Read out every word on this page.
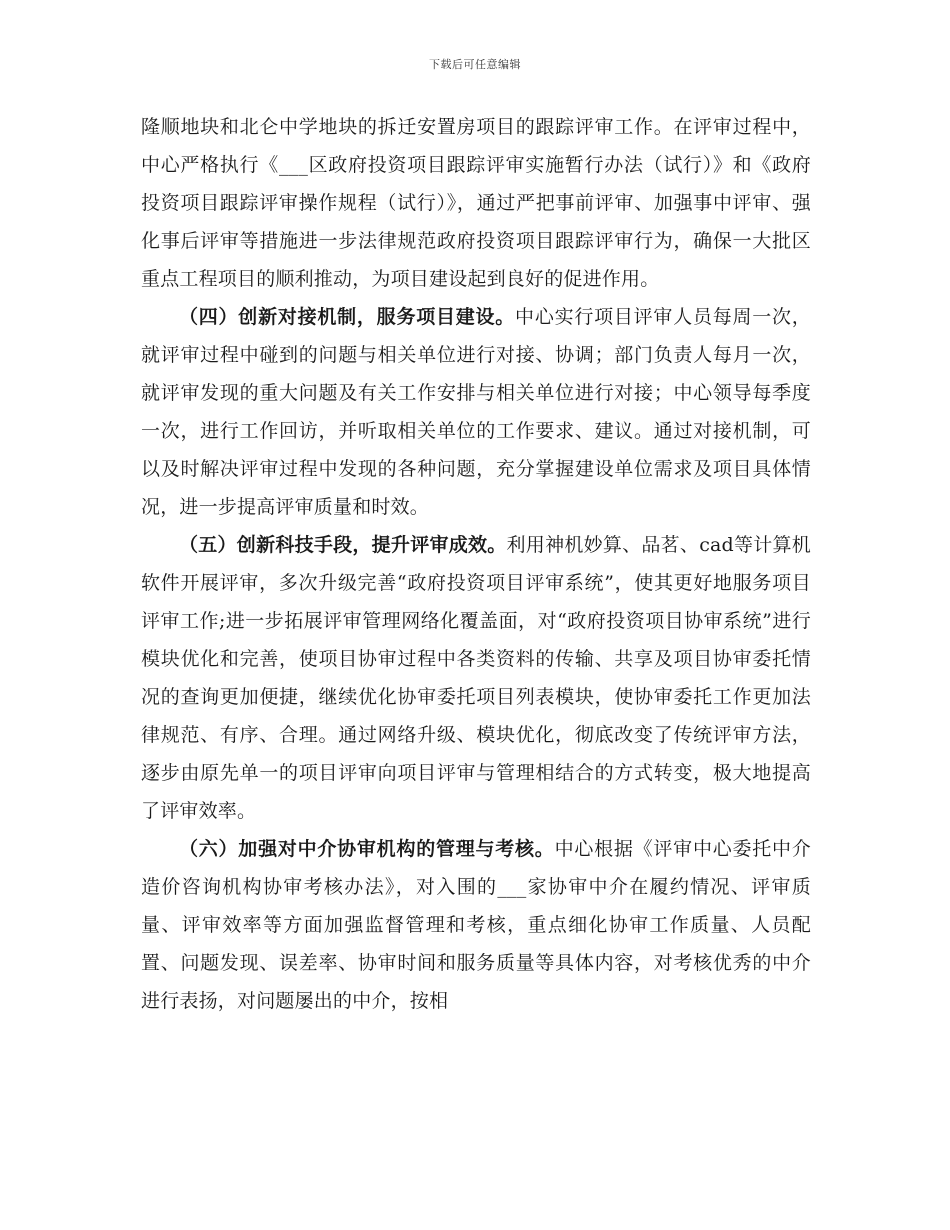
下载后可任意编辑

隆顺地块和北仑中学地块的拆迁安置房项目的跟踪评审工作。在评审过程中，中心严格执行《___区政府投资项目跟踪评审实施暂行办法（试行）》和《政府投资项目跟踪评审操作规程（试行）》，通过严把事前评审、加强事中评审、强化事后评审等措施进一步法律规范政府投资项目跟踪评审行为，确保一大批区重点工程项目的顺利推动，为项目建设起到良好的促进作用。

（四）创新对接机制，服务项目建设。中心实行项目评审人员每周一次，就评审过程中碰到的问题与相关单位进行对接、协调；部门负责人每月一次，就评审发现的重大问题及有关工作安排与相关单位进行对接；中心领导每季度一次，进行工作回访，并听取相关单位的工作要求、建议。通过对接机制，可以及时解决评审过程中发现的各种问题，充分掌握建设单位需求及项目具体情况，进一步提高评审质量和时效。

（五）创新科技手段，提升评审成效。利用神机妙算、品茗、cad等计算机软件开展评审，多次升级完善“政府投资项目评审系统”，使其更好地服务项目评审工作;进一步拓展评审管理网络化覆盖面，对“政府投资项目协审系统”进行模块优化和完善，使项目协审过程中各类资料的传输、共享及项目协审委托情况的查询更加便捷，继续优化协审委托项目列表模块，使协审委托工作更加法律规范、有序、合理。通过网络升级、模块优化，彻底改变了传统评审方法，逐步由原先单一的项目评审向项目评审与管理相结合的方式转变，极大地提高了评审效率。

（六）加强对中介协审机构的管理与考核。中心根据《评审中心委托中介造价咨询机构协审考核办法》，对入围的___家协审中介在履约情况、评审质量、评审效率等方面加强监督管理和考核，重点细化协审工作质量、人员配置、问题发现、误差率、协审时间和服务质量等具体内容，对考核优秀的中介进行表扬，对问题屡出的中介，按相
